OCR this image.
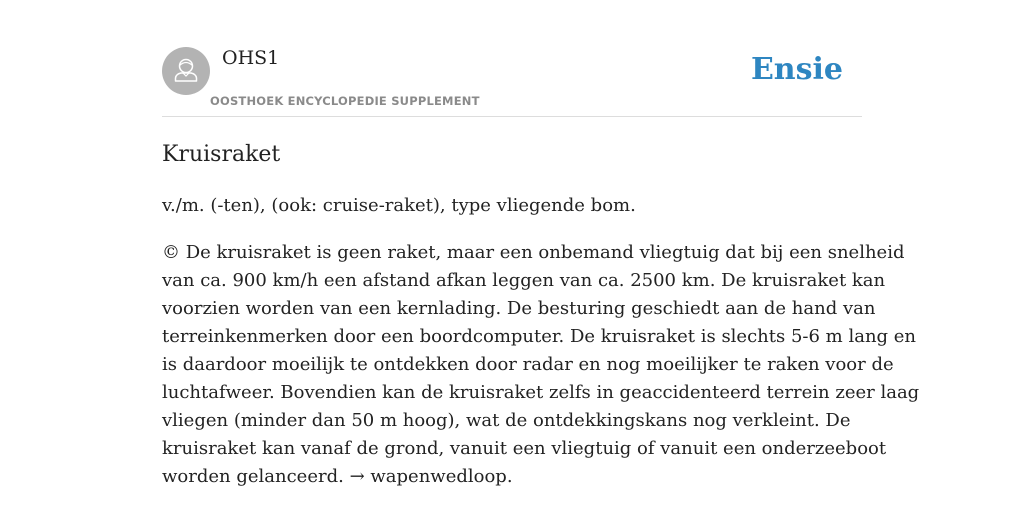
OHS1
OOSTHOEK ENCYCLOPEDIE SUPPLEMENT
Ensie
Kruisraket

v./m. (-ten), (ook: cruise-raket), type vliegende bom.

© De kruisraket is geen raket, maar een onbemand vliegtuig dat bij een snelheid
van ca. 900 km/h een afstand afkan leggen van ca. 2500 km. De kruisraket kan
voorzien worden van een kernlading. De besturing geschiedt aan de hand van
terreinkenmerken door een boordcomputer. De kruisraket is slechts 5-6 m lang en
is daardoor moeilijk te ontdekken door radar en nog moeilijker te raken voor de
luchtafweer. Bovendien kan de kruisraket zelfs in geaccidenteerd terrein zeer laag
vliegen (minder dan 50 m hoog), wat de ontdekkingskans nog verkleint. De
kruisraket kan vanaf de grond, vanuit een vliegtuig of vanuit een onderzeeboot
worden gelanceerd. → wapenwedloop.
